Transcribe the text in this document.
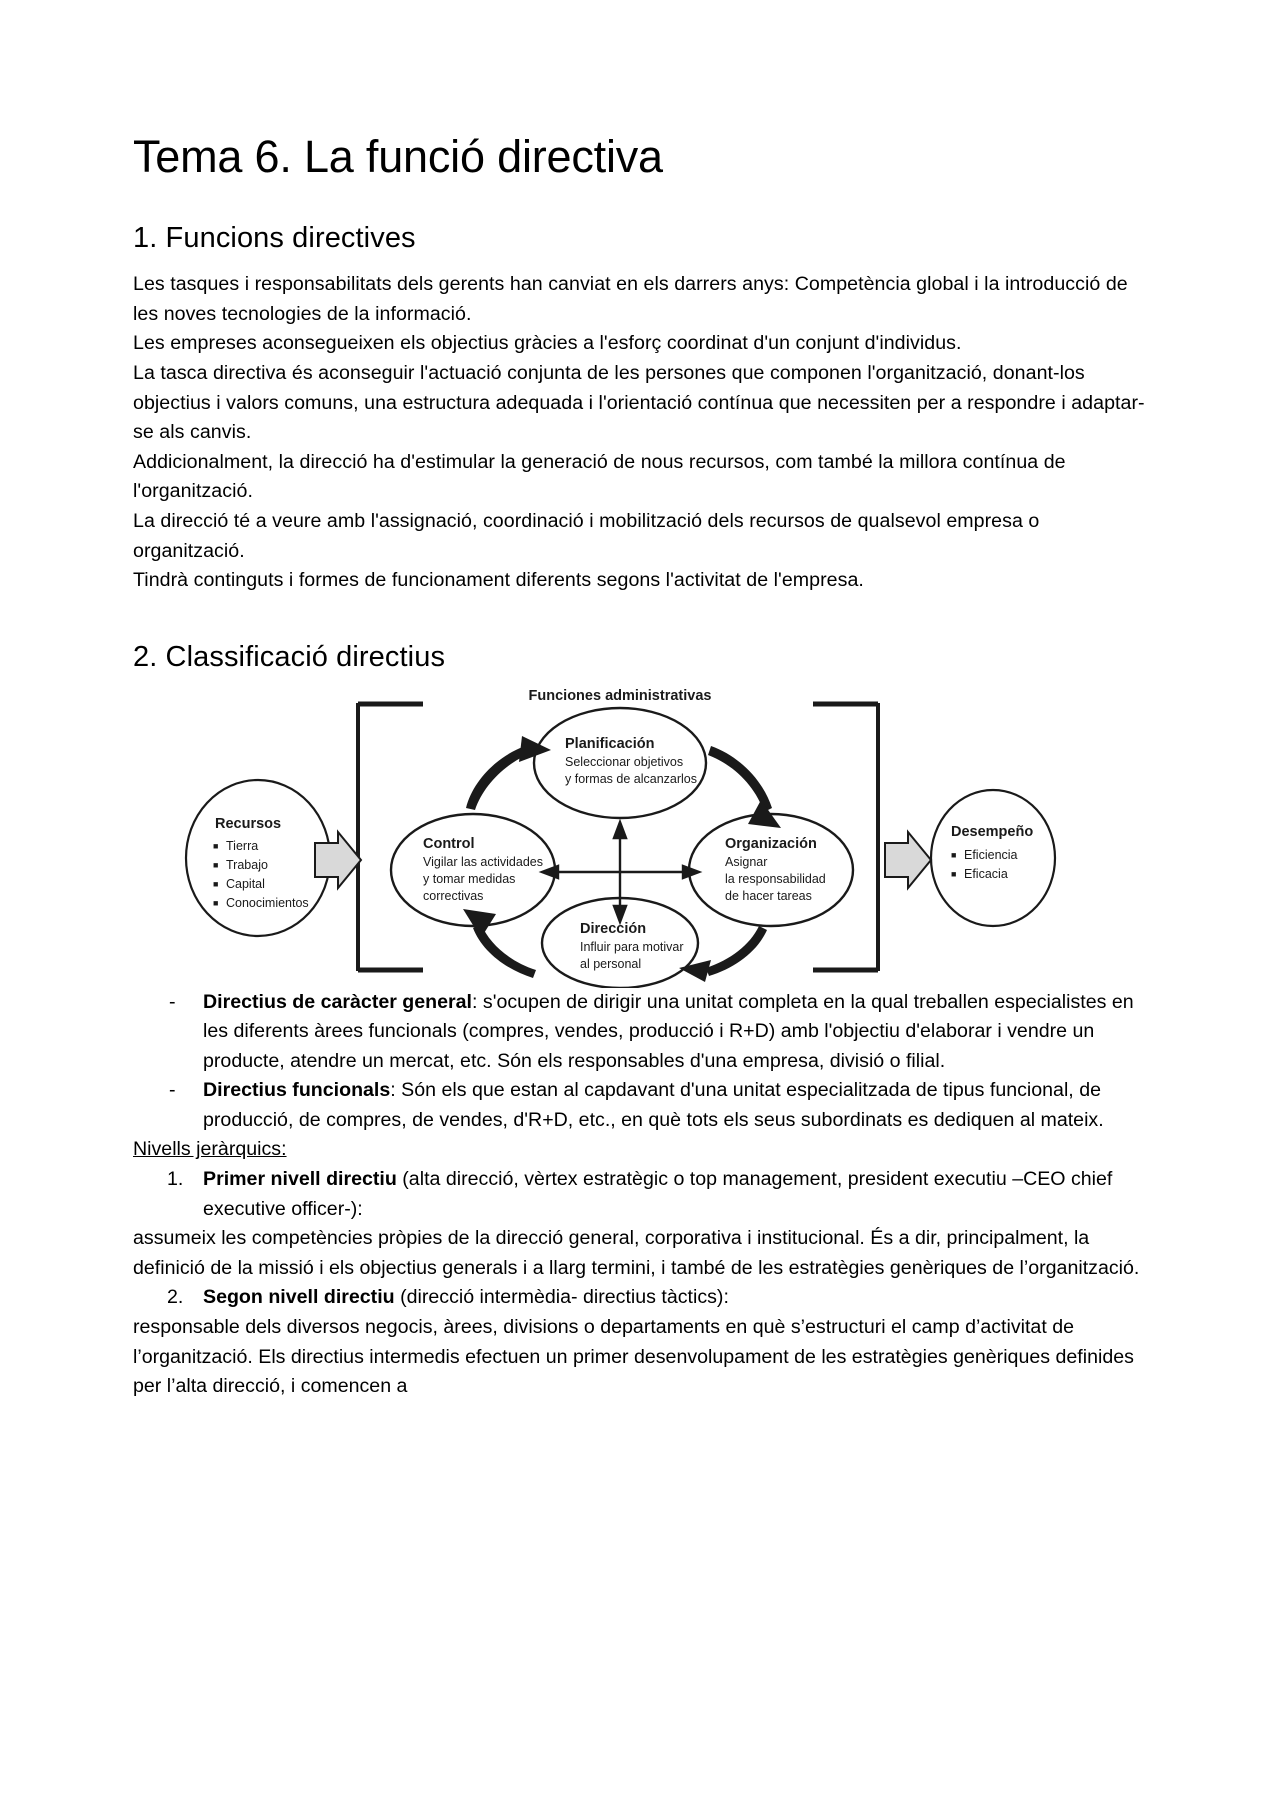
Tema 6. La funció directiva
1. Funcions directives

Les tasques i responsabilitats dels gerents han canviat en els darrers anys: Competència global i la introducció de les noves tecnologies de la informació.

Les empreses aconsegueixen els objectius gràcies a l'esforç coordinat d'un conjunt d'individus.

La tasca directiva és aconseguir l'actuació conjunta de les persones que componen l'organització, donant-los objectius i valors comuns, una estructura adequada i l'orientació contínua que necessiten per a respondre i adaptar-se als canvis.

Addicionalment, la direcció ha d'estimular la generació de nous recursos, com també la millora contínua de l'organització.

La direcció té a veure amb l'assignació, coordinació i mobilització dels recursos de qualsevol empresa o organització.

Tindrà continguts i formes de funcionament diferents segons l'activitat de l'empresa.

2. Classificació directius
Funciones administrativas
Recursos
■ Tierra
■ Trabajo
■ Capital
■ Conocimientos
Desempeño
■ Eficiencia
■ Eficacia
Planificación
Seleccionar objetivos
y formas de alcanzarlos
Organización
Asignar
la responsabilidad
de hacer tareas
Dirección
Influir para motivar
al personal
Control
Vigilar las actividades
y tomar medidas
correctivas
- Directius de caràcter general: s'ocupen de dirigir una unitat completa en la qual treballen especialistes en les diferents àrees funcionals (compres, vendes, producció i R+D) amb l'objectiu d'elaborar i vendre un producte, atendre un mercat, etc. Són els responsables d'una empresa, divisió o filial.
- Directius funcionals: Són els que estan al capdavant d'una unitat especialitzada de tipus funcional, de producció, de compres, de vendes, d'R+D, etc., en què tots els seus subordinats es dediquen al mateix.
Nivells jeràrquics:
1. Primer nivell directiu (alta direcció, vèrtex estratègic o top management, president executiu –CEO chief executive officer-):

assumeix les competències pròpies de la direcció general, corporativa i institucional. És a dir, principalment, la definició de la missió i els objectius generals i a llarg termini, i també de les estratègies genèriques de l’organització.

2. Segon nivell directiu (direcció intermèdia- directius tàctics):

responsable dels diversos negocis, àrees, divisions o departaments en què s’estructuri el camp d’activitat de l’organització. Els directius intermedis efectuen un primer desenvolupament de les estratègies genèriques definides per l’alta direcció, i comencen a
